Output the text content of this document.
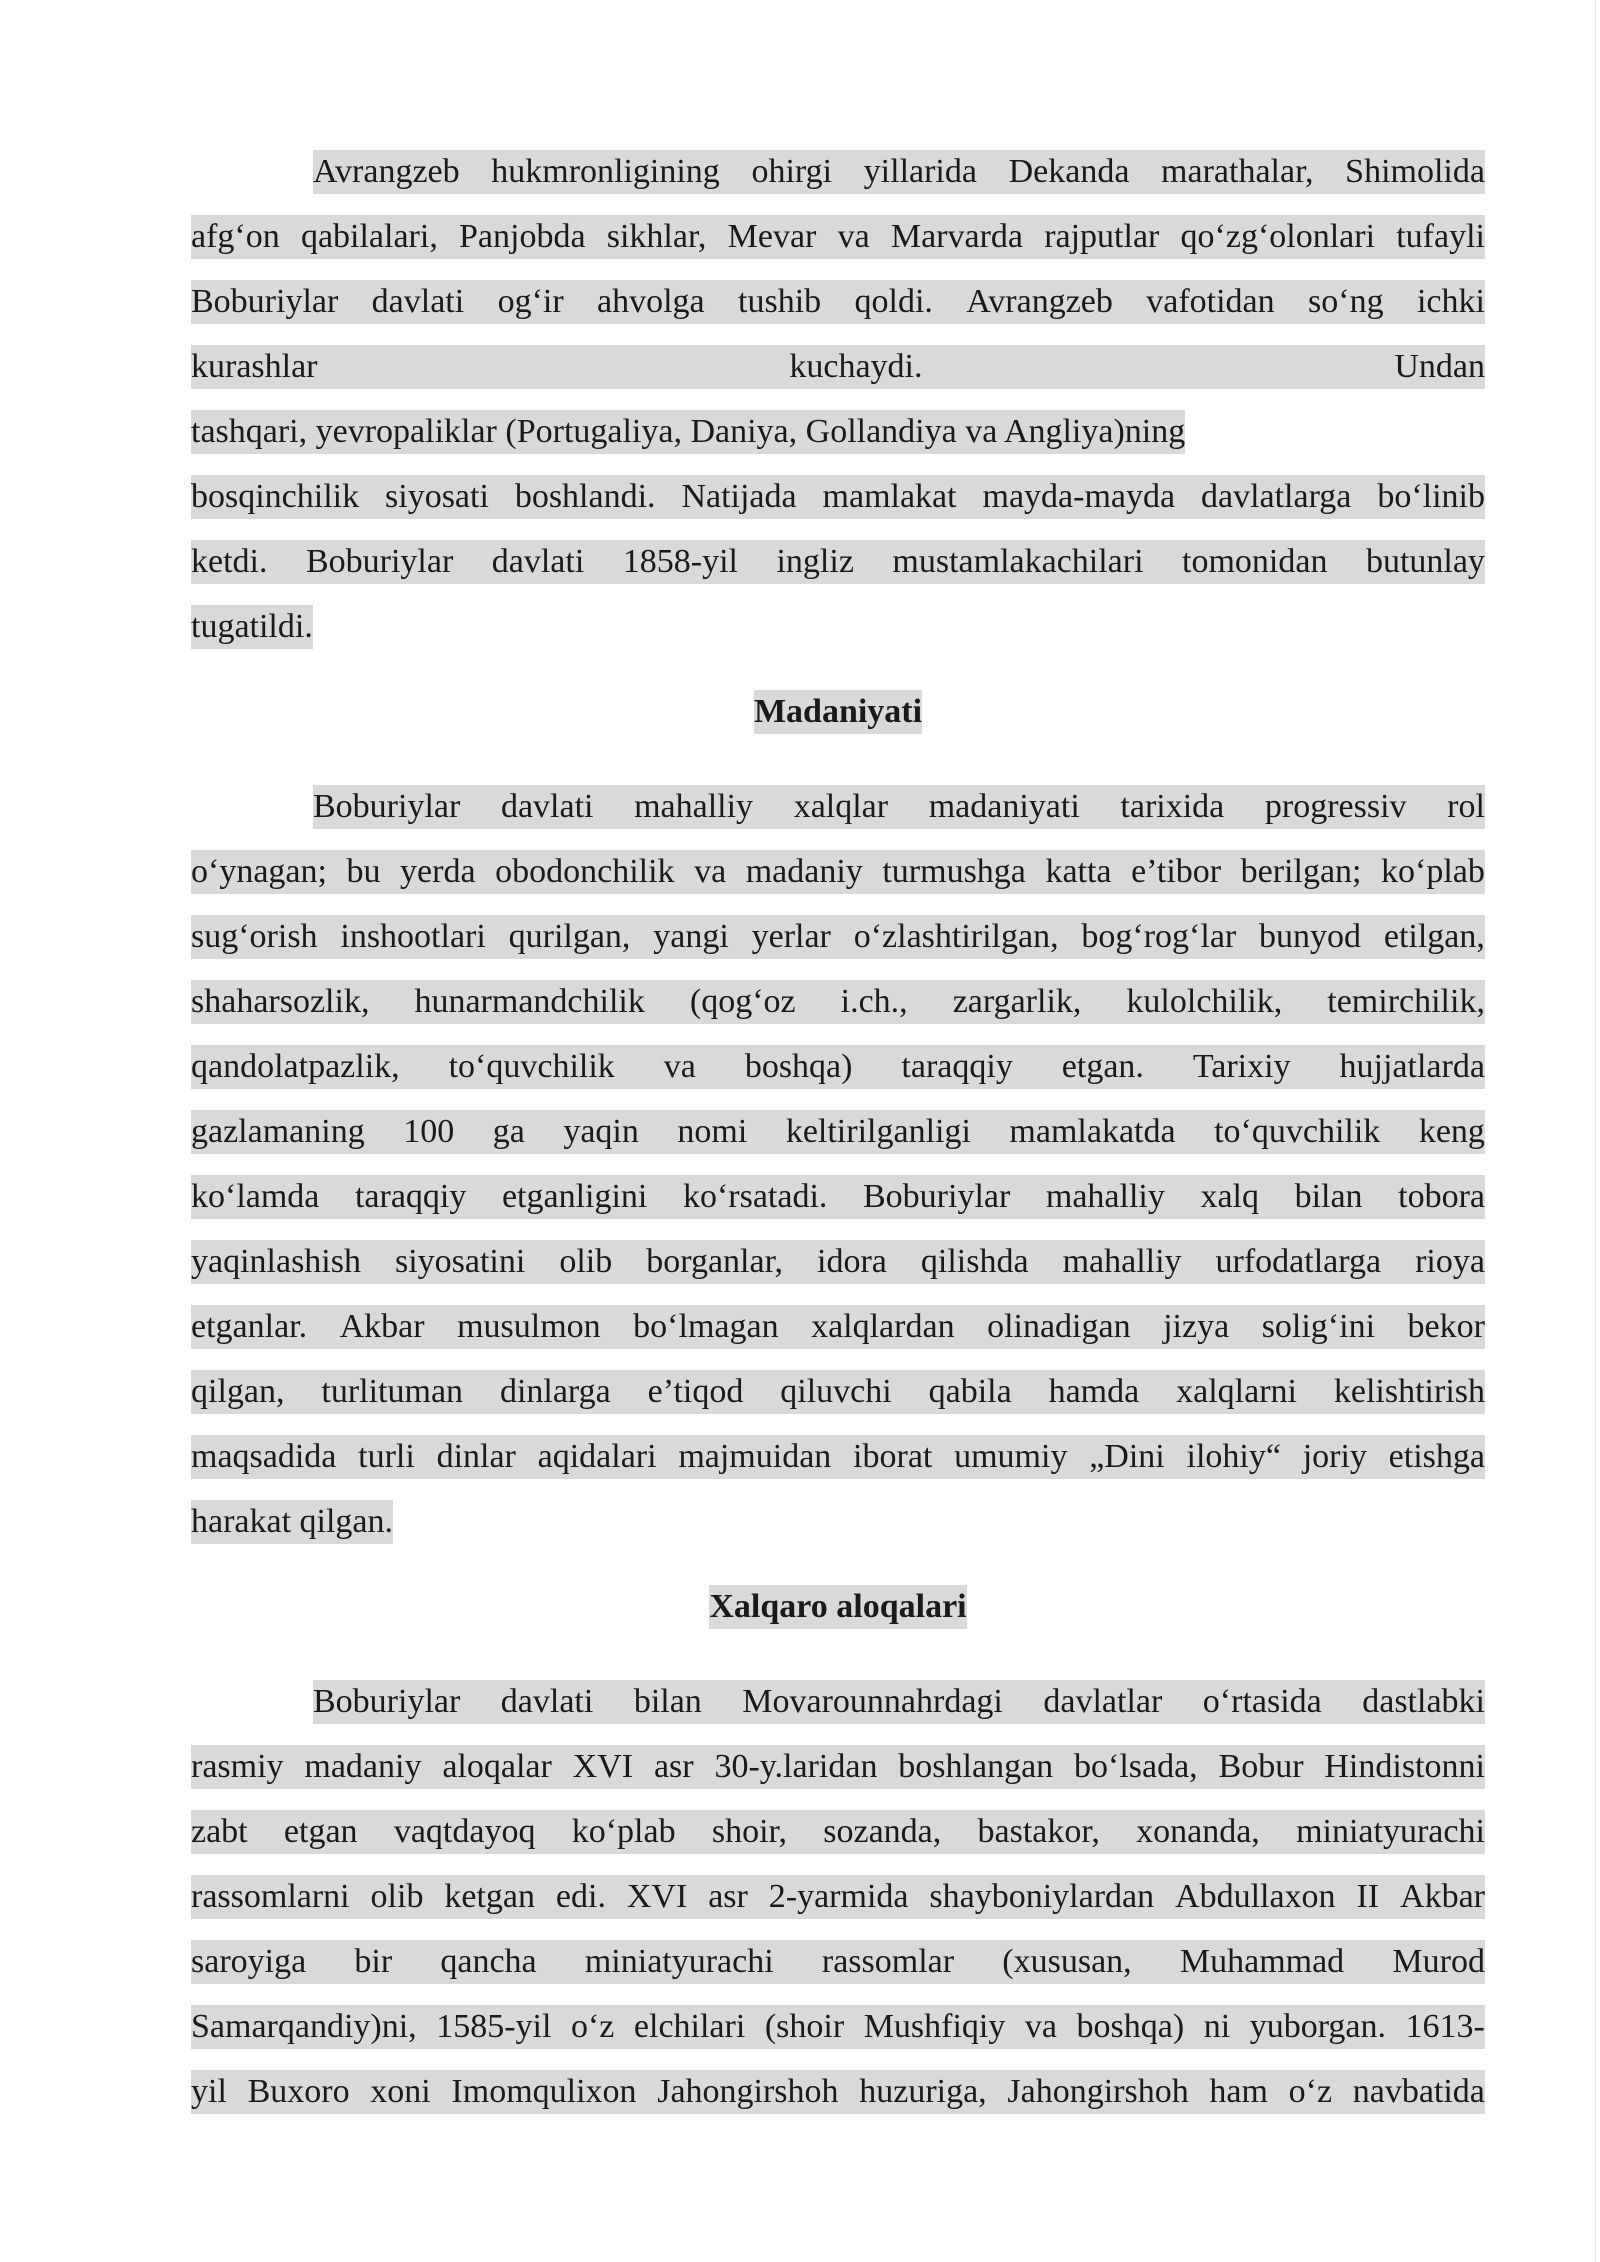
Avrangzeb hukmronligining ohirgi yillarida Dekanda marathalar, Shimolida
afg‘on qabilalari, Panjobda sikhlar, Mevar va Marvarda rajputlar qo‘zg‘olonlari tufayli
Boburiylar davlati og‘ir ahvolga tushib qoldi. Avrangzeb vafotidan so‘ng ichki
kurashlar	kuchaydi.	Undan
tashqari, yevropaliklar (Portugaliya, Daniya, Gollandiya va Angliya)ning
bosqinchilik siyosati boshlandi. Natijada mamlakat mayda-mayda davlatlarga bo‘linib
ketdi. Boburiylar davlati 1858-yil ingliz mustamlakachilari tomonidan butunlay
tugatildi.
Madaniyati
Boburiylar davlati mahalliy xalqlar madaniyati tarixida progressiv rol
o‘ynagan; bu yerda obodonchilik va madaniy turmushga katta e’tibor berilgan; ko‘plab
sug‘orish inshootlari qurilgan, yangi yerlar o‘zlashtirilgan, bog‘rog‘lar bunyod etilgan,
shaharsozlik, hunarmandchilik (qog‘oz i.ch., zargarlik, kulolchilik, temirchilik,
qandolatpazlik, to‘quvchilik va boshqa) taraqqiy etgan. Tarixiy hujjatlarda
gazlamaning 100 ga yaqin nomi keltirilganligi mamlakatda to‘quvchilik keng
ko‘lamda taraqqiy etganligini ko‘rsatadi. Boburiylar mahalliy xalq bilan tobora
yaqinlashish siyosatini olib borganlar, idora qilishda mahalliy urfodatlarga rioya
etganlar. Akbar musulmon bo‘lmagan xalqlardan olinadigan jizya solig‘ini bekor
qilgan, turlituman dinlarga e’tiqod qiluvchi qabila hamda xalqlarni kelishtirish
maqsadida turli dinlar aqidalari majmuidan iborat umumiy „Dini ilohiy“ joriy etishga
harakat qilgan.
Xalqaro aloqalari
Boburiylar davlati bilan Movarounnahrdagi davlatlar o‘rtasida dastlabki
rasmiy madaniy aloqalar XVI asr 30-y.laridan boshlangan bo‘lsada, Bobur Hindistonni
zabt etgan vaqtdayoq ko‘plab shoir, sozanda, bastakor, xonanda, miniatyurachi
rassomlarni olib ketgan edi. XVI asr 2-yarmida shayboniylardan Abdullaxon II Akbar
saroyiga bir qancha miniatyurachi rassomlar (xususan, Muhammad Murod
Samarqandiy)ni, 1585-yil o‘z elchilari (shoir Mushfiqiy va boshqa) ni yuborgan. 1613-
yil Buxoro xoni Imomqulixon Jahongirshoh huzuriga, Jahongirshoh ham o‘z navbatida
